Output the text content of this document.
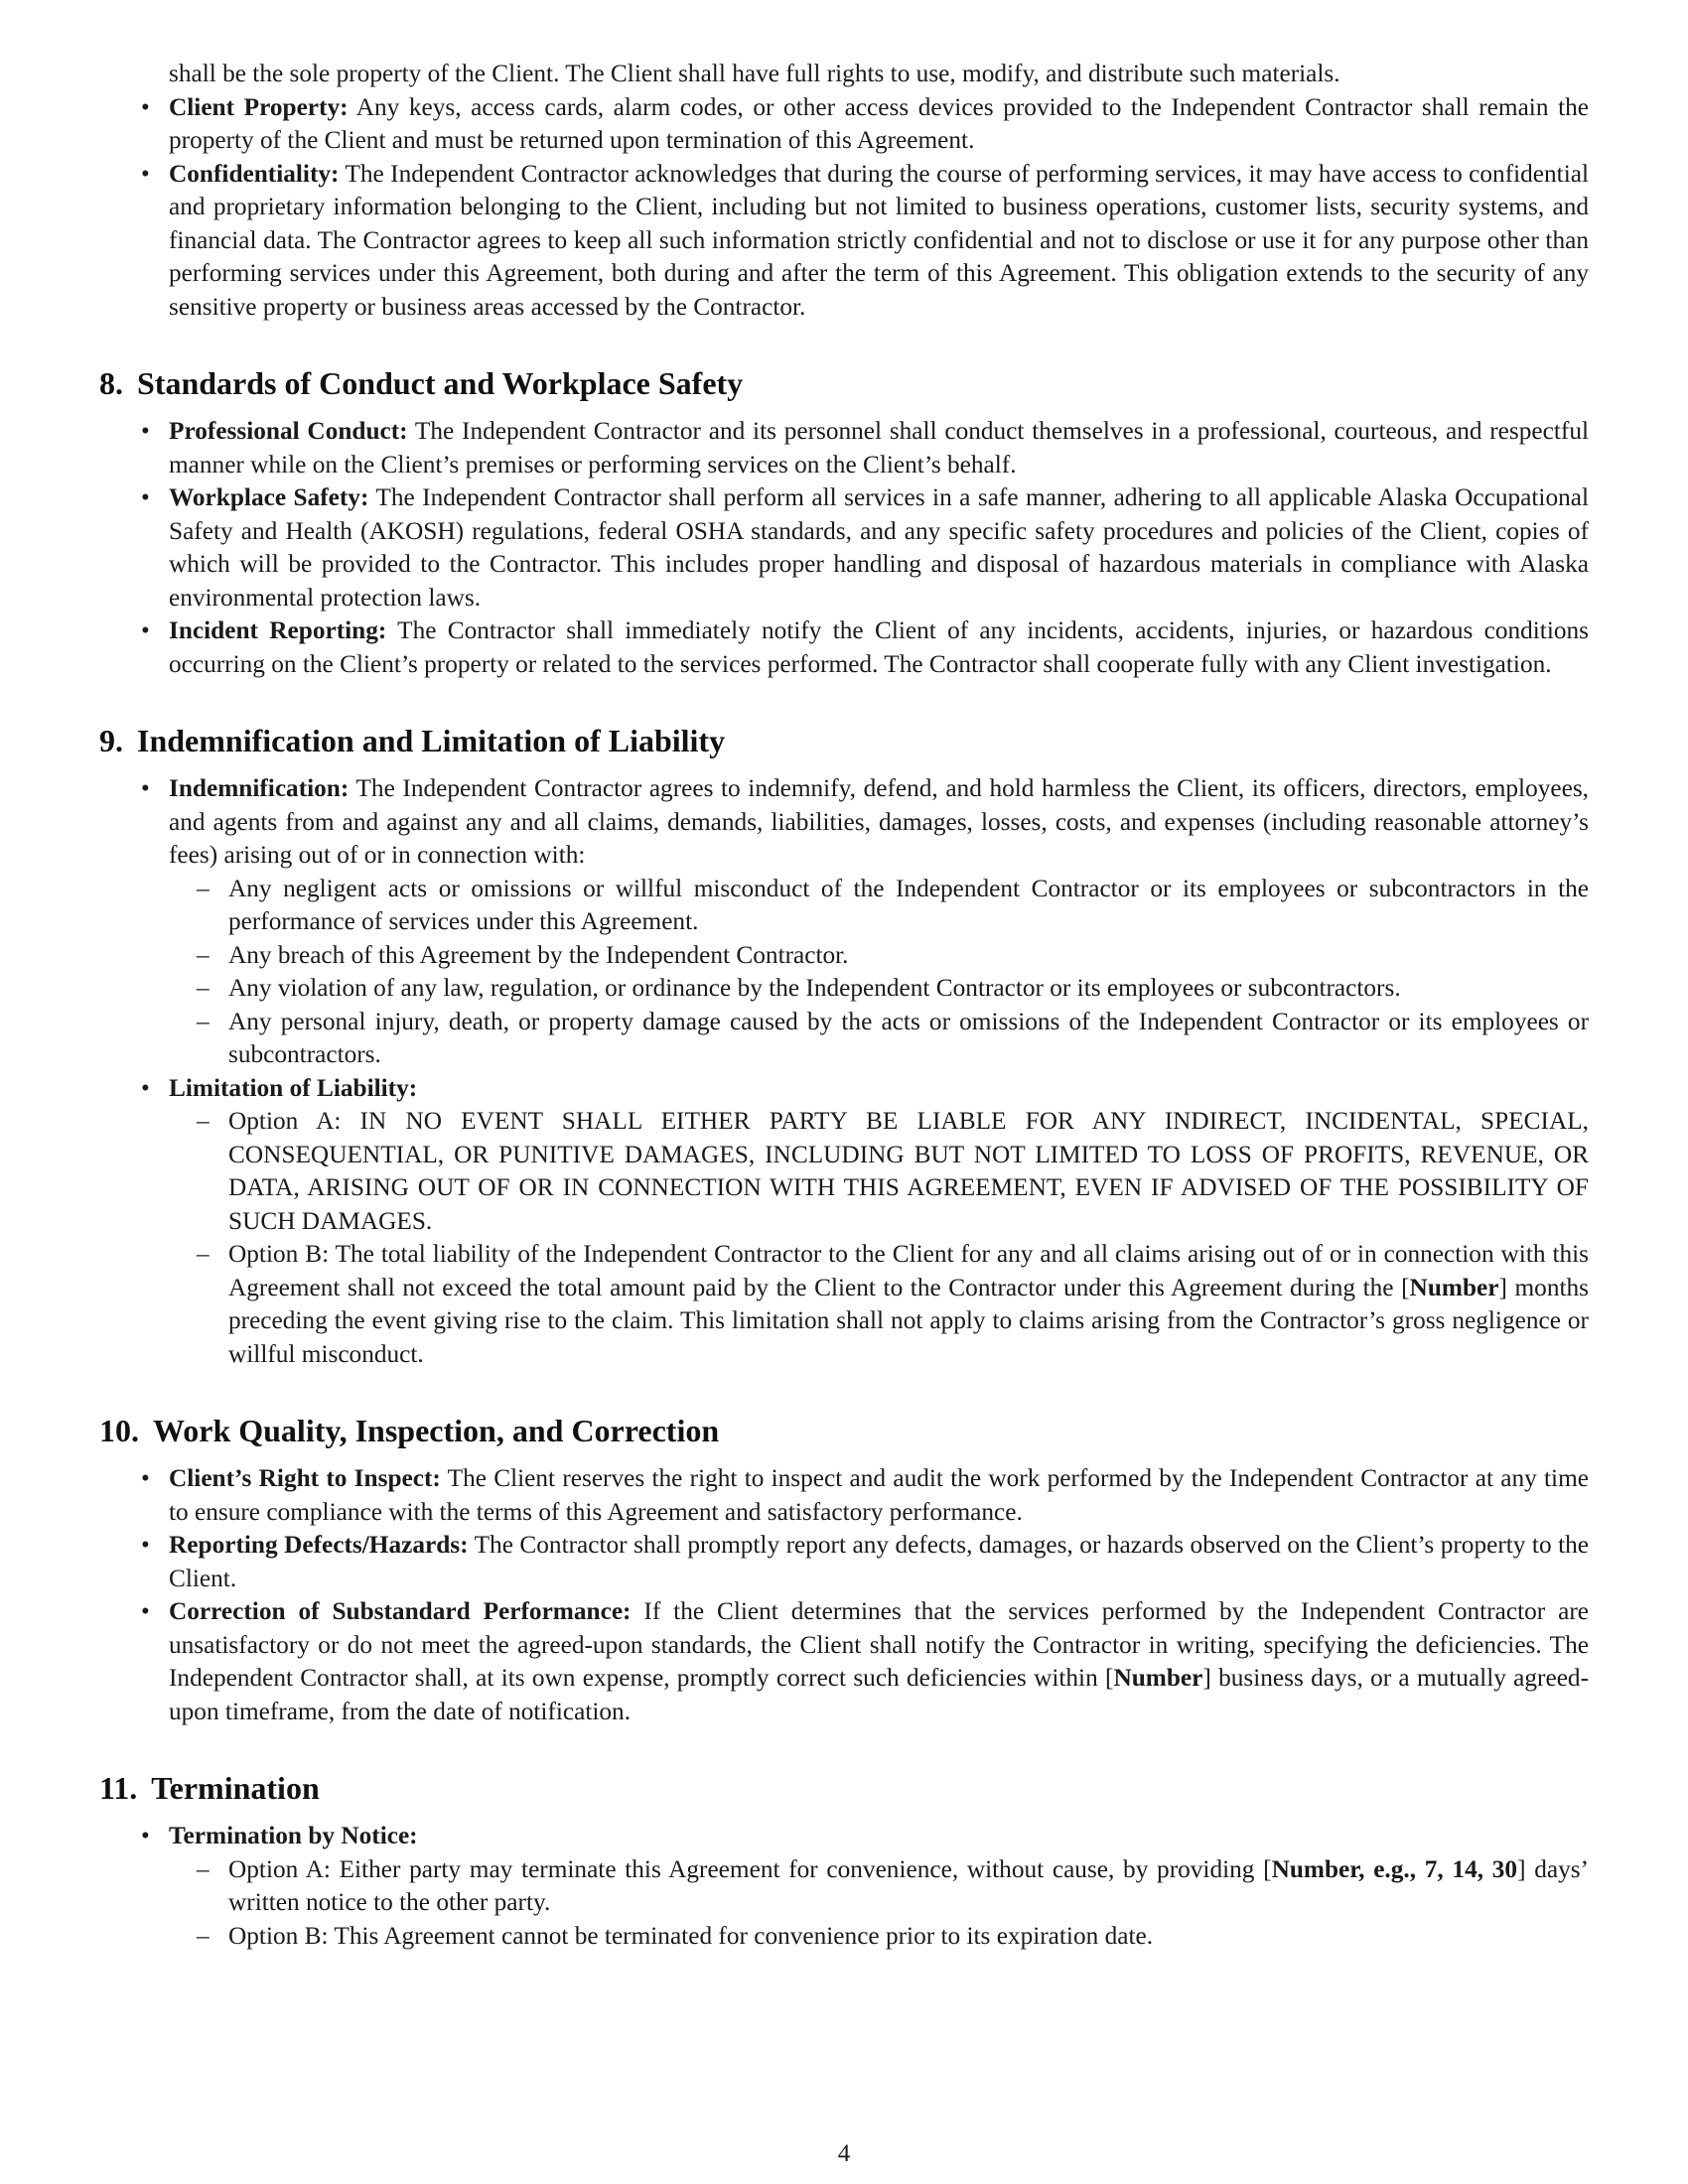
shall be the sole property of the Client. The Client shall have full rights to use, modify, and distribute such materials.
• Client Property: Any keys, access cards, alarm codes, or other access devices provided to the Independent Contractor shall remain the property of the Client and must be returned upon termination of this Agreement.
• Confidentiality: The Independent Contractor acknowledges that during the course of performing services, it may have access to confidential and proprietary information belonging to the Client, including but not limited to business operations, customer lists, security systems, and financial data. The Contractor agrees to keep all such information strictly confidential and not to disclose or use it for any purpose other than performing services under this Agreement, both during and after the term of this Agreement. This obligation extends to the security of any sensitive property or business areas accessed by the Contractor.
8. Standards of Conduct and Workplace Safety
• Professional Conduct: The Independent Contractor and its personnel shall conduct themselves in a professional, courteous, and respectful manner while on the Client’s premises or performing services on the Client’s behalf.
• Workplace Safety: The Independent Contractor shall perform all services in a safe manner, adhering to all applicable Alaska Occupational Safety and Health (AKOSH) regulations, federal OSHA standards, and any specific safety procedures and policies of the Client, copies of which will be provided to the Contractor. This includes proper handling and disposal of hazardous materials in compliance with Alaska environmental protection laws.
• Incident Reporting: The Contractor shall immediately notify the Client of any incidents, accidents, injuries, or hazardous conditions occurring on the Client’s property or related to the services performed. The Contractor shall cooperate fully with any Client investigation.
9. Indemnification and Limitation of Liability
• Indemnification: The Independent Contractor agrees to indemnify, defend, and hold harmless the Client, its officers, directors, employees, and agents from and against any and all claims, demands, liabilities, damages, losses, costs, and expenses (including reasonable attorney’s fees) arising out of or in connection with:
– Any negligent acts or omissions or willful misconduct of the Independent Contractor or its employees or subcontractors in the performance of services under this Agreement.
– Any breach of this Agreement by the Independent Contractor.
– Any violation of any law, regulation, or ordinance by the Independent Contractor or its employees or subcontractors.
– Any personal injury, death, or property damage caused by the acts or omissions of the Independent Contractor or its employees or subcontractors.
• Limitation of Liability:
– Option A: IN NO EVENT SHALL EITHER PARTY BE LIABLE FOR ANY INDIRECT, INCIDENTAL, SPECIAL, CONSEQUENTIAL, OR PUNITIVE DAMAGES, INCLUDING BUT NOT LIMITED TO LOSS OF PROFITS, REVENUE, OR DATA, ARISING OUT OF OR IN CONNECTION WITH THIS AGREEMENT, EVEN IF ADVISED OF THE POSSIBILITY OF SUCH DAMAGES.
– Option B: The total liability of the Independent Contractor to the Client for any and all claims arising out of or in connection with this Agreement shall not exceed the total amount paid by the Client to the Contractor under this Agreement during the [Number] months preceding the event giving rise to the claim. This limitation shall not apply to claims arising from the Contractor’s gross negligence or willful misconduct.
10. Work Quality, Inspection, and Correction
• Client’s Right to Inspect: The Client reserves the right to inspect and audit the work performed by the Independent Contractor at any time to ensure compliance with the terms of this Agreement and satisfactory performance.
• Reporting Defects/Hazards: The Contractor shall promptly report any defects, damages, or hazards observed on the Client’s property to the Client.
• Correction of Substandard Performance: If the Client determines that the services performed by the Independent Contractor are unsatisfactory or do not meet the agreed-upon standards, the Client shall notify the Contractor in writing, specifying the deficiencies. The Independent Contractor shall, at its own expense, promptly correct such deficiencies within [Number] business days, or a mutually agreed-upon timeframe, from the date of notification.
11. Termination
• Termination by Notice:
– Option A: Either party may terminate this Agreement for convenience, without cause, by providing [Number, e.g., 7, 14, 30] days’ written notice to the other party.
– Option B: This Agreement cannot be terminated for convenience prior to its expiration date.
4
